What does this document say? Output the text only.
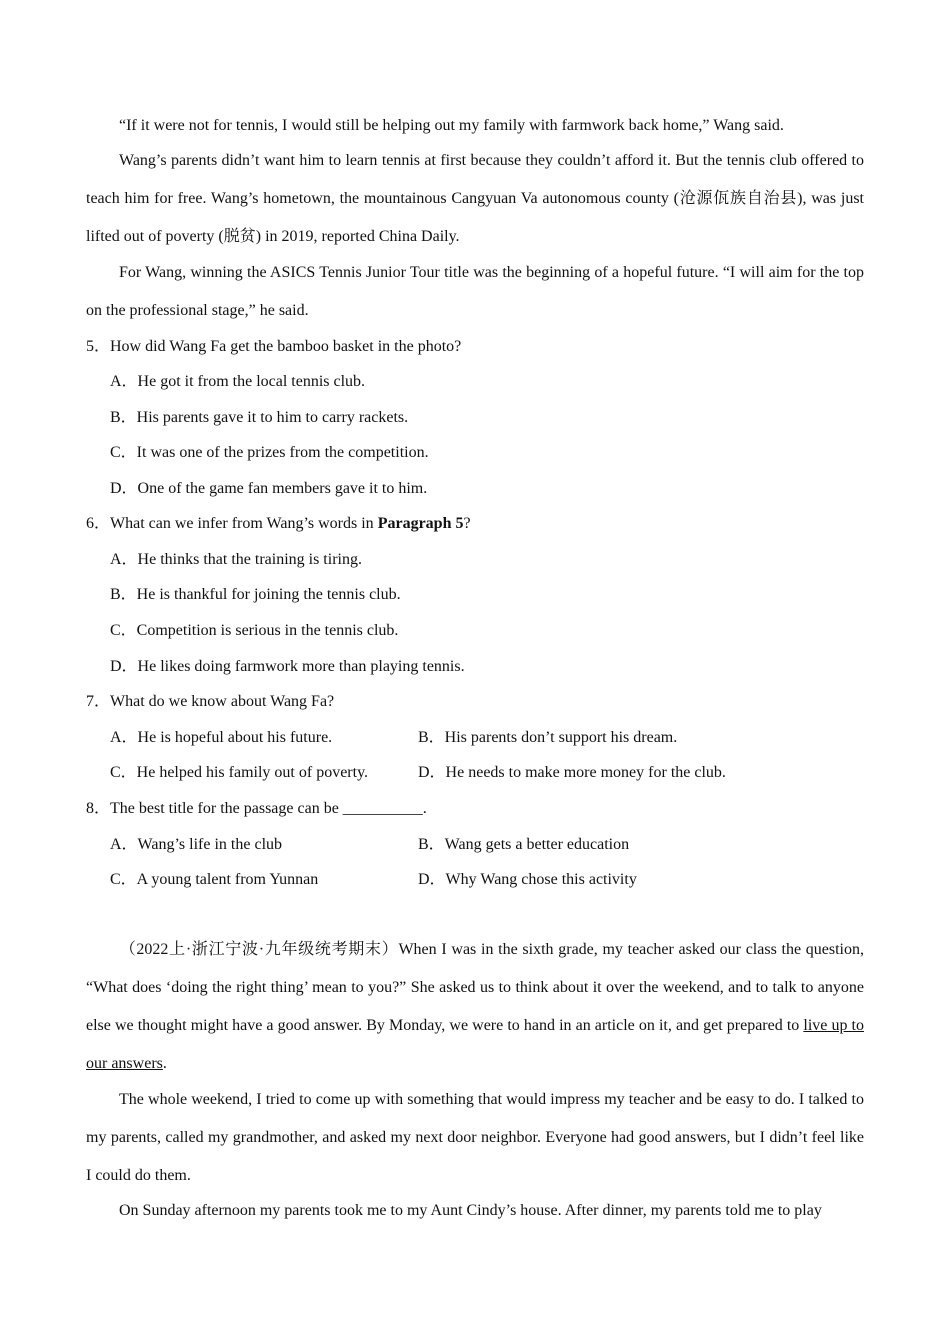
“If it were not for tennis, I would still be helping out my family with farmwork back home,” Wang said.

Wang’s parents didn’t want him to learn tennis at first because they couldn’t afford it. But the tennis club offered to teach him for free. Wang’s hometown, the mountainous Cangyuan Va autonomous county (沧源佤族自治县), was just lifted out of poverty (脱贫) in 2019, reported China Daily.

For Wang, winning the ASICS Tennis Junior Tour title was the beginning of a hopeful future. “I will aim for the top on the professional stage,” he said.

5．How did Wang Fa get the bamboo basket in the photo?
A．He got it from the local tennis club.
B．His parents gave it to him to carry rackets.
C．It was one of the prizes from the competition.
D．One of the game fan members gave it to him.
6．What can we infer from Wang’s words in Paragraph 5?
A．He thinks that the training is tiring.
B．He is thankful for joining the tennis club.
C．Competition is serious in the tennis club.
D．He likes doing farmwork more than playing tennis.
7．What do we know about Wang Fa?
A．He is hopeful about his future.	B．His parents don’t support his dream.
C．He helped his family out of poverty.	D．He needs to make more money for the club.
8．The best title for the passage can be __________.
A．Wang’s life in the club	B．Wang gets a better education
C．A young talent from Yunnan	D．Why Wang chose this activity

（2022上·浙江宁波·九年级统考期末）When I was in the sixth grade, my teacher asked our class the question, “What does ‘doing the right thing’ mean to you?” She asked us to think about it over the weekend, and to talk to anyone else we thought might have a good answer. By Monday, we were to hand in an article on it, and get prepared to live up to our answers.

The whole weekend, I tried to come up with something that would impress my teacher and be easy to do. I talked to my parents, called my grandmother, and asked my next door neighbor. Everyone had good answers, but I didn’t feel like I could do them.

On Sunday afternoon my parents took me to my Aunt Cindy’s house. After dinner, my parents told me to play
